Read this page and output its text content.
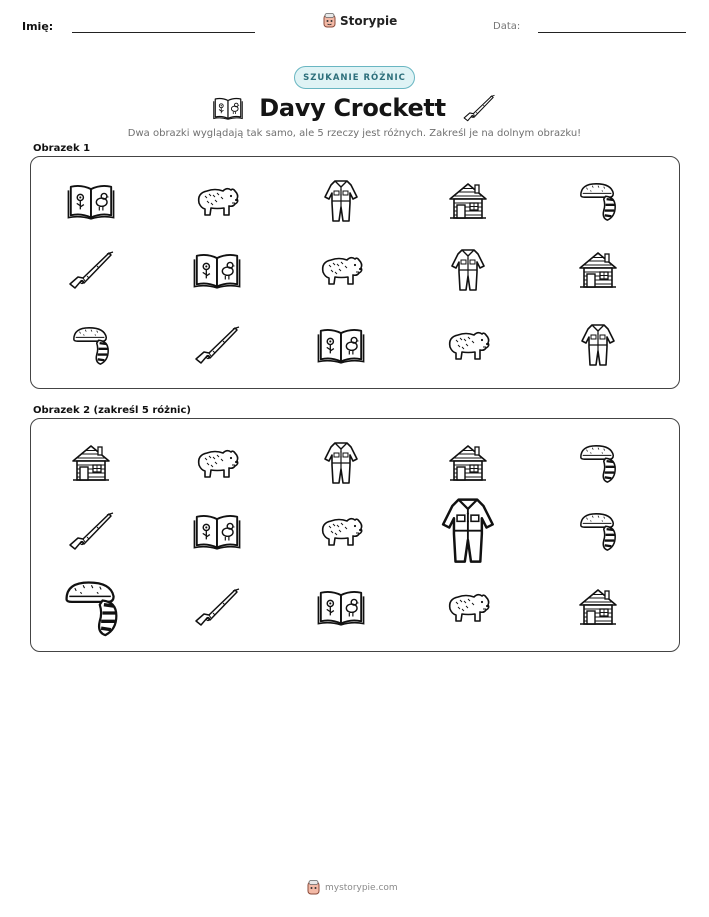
Imię:	Storypie	Data:
SZUKANIE RÓŻNIC
Davy Crockett
Dwa obrazki wyglądają tak samo, ale 5 rzeczy jest różnych. Zakreśl je na dolnym obrazku!
Obrazek 1
Obrazek 2 (zakreśl 5 różnic)
mystorypie.com
